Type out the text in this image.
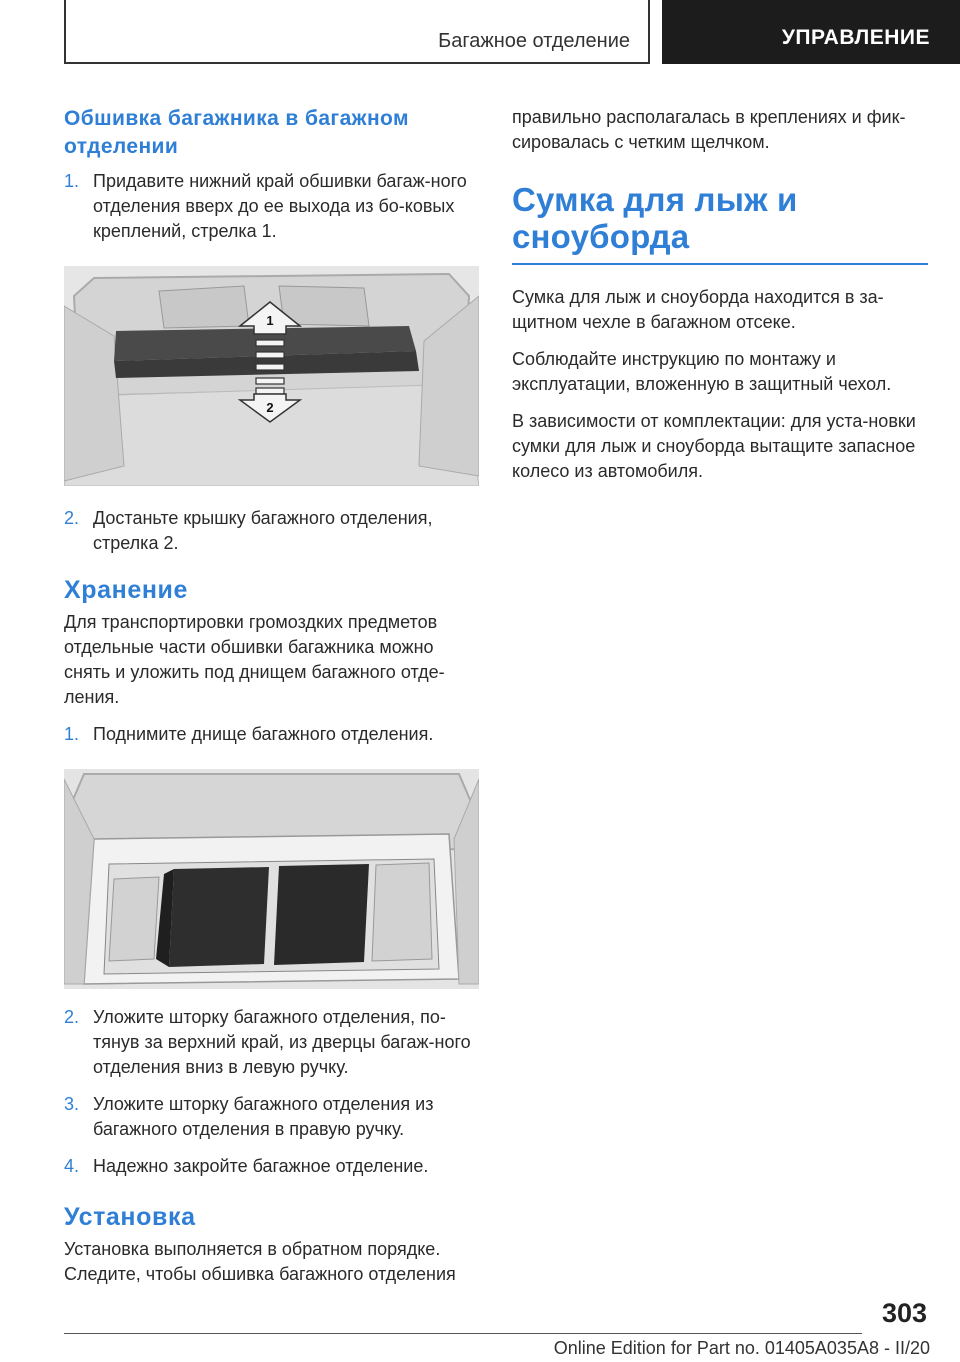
Багажное отделение	УПРАВЛЕНИЕ
Обшивка багажника в багажном отделении
1. Придавите нижний край обшивки багаж-ного отделения вверх до ее выхода из бо-ковых креплений, стрелка 1.
1
2
2. Достаньте крышку багажного отделения, стрелка 2.
Хранение

Для транспортировки громоздких предметов отдельные части обшивки багажника можно снять и уложить под днищем багажного отде-ления.

1. Поднимите днище багажного отделения.
2. Уложите шторку багажного отделения, по-тянув за верхний край, из дверцы багаж-ного отделения вниз в левую ручку.
3. Уложите шторку багажного отделения из багажного отделения в правую ручку.
4. Надежно закройте багажное отделение.
Установка

Установка выполняется в обратном порядке. Следите, чтобы обшивка багажного отделения

правильно располагалась в креплениях и фик-сировалась с четким щелчком.

Сумка для лыж и сноуборда

Сумка для лыж и сноуборда находится в за-щитном чехле в багажном отсеке.

Соблюдайте инструкцию по монтажу и эксплуатации, вложенную в защитный чехол.

В зависимости от комплектации: для уста-новки сумки для лыж и сноуборда вытащите запасное колесо из автомобиля.

303
Online Edition for Part no. 01405A035A8 - II/20
